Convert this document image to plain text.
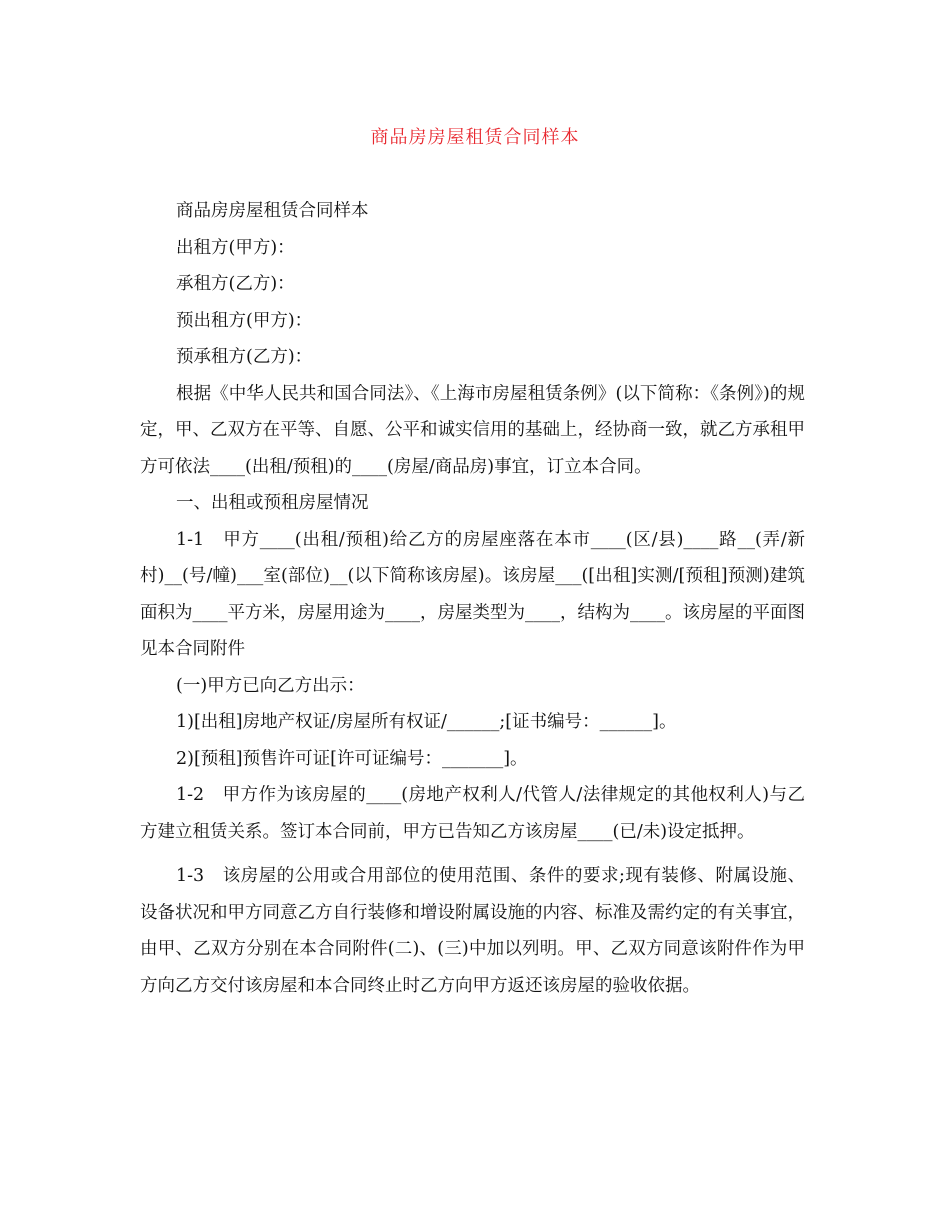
商品房房屋租赁合同样本

商品房房屋租赁合同样本

出租方(甲方)：

承租方(乙方)：

预出租方(甲方)：

预承租方(乙方)：

根据《中华人民共和国合同法》、《上海市房屋租赁条例》(以下简称：《条例》)的规定，甲、乙双方在平等、自愿、公平和诚实信用的基础上，经协商一致，就乙方承租甲方可依法____(出租/预租)的____(房屋/商品房)事宜，订立本合同。

一、出租或预租房屋情况

1-1　甲方____(出租/预租)给乙方的房屋座落在本市____(区/县)____路__(弄/新村)__(号/幢)___室(部位)__(以下简称该房屋)。该房屋___([出租]实测/[预租]预测)建筑面积为____平方米，房屋用途为____，房屋类型为____，结构为____。该房屋的平面图见本合同附件

(一)甲方已向乙方出示：

1)[出租]房地产权证/房屋所有权证/______;[证书编号：______]。

2)[预租]预售许可证[许可证编号：_______]。

1-2　甲方作为该房屋的____(房地产权利人/代管人/法律规定的其他权利人)与乙方建立租赁关系。签订本合同前，甲方已告知乙方该房屋____(已/未)设定抵押。

1-3　该房屋的公用或合用部位的使用范围、条件的要求;现有装修、附属设施、设备状况和甲方同意乙方自行装修和增设附属设施的内容、标准及需约定的有关事宜，由甲、乙双方分别在本合同附件(二)、(三)中加以列明。甲、乙双方同意该附件作为甲方向乙方交付该房屋和本合同终止时乙方向甲方返还该房屋的验收依据。
